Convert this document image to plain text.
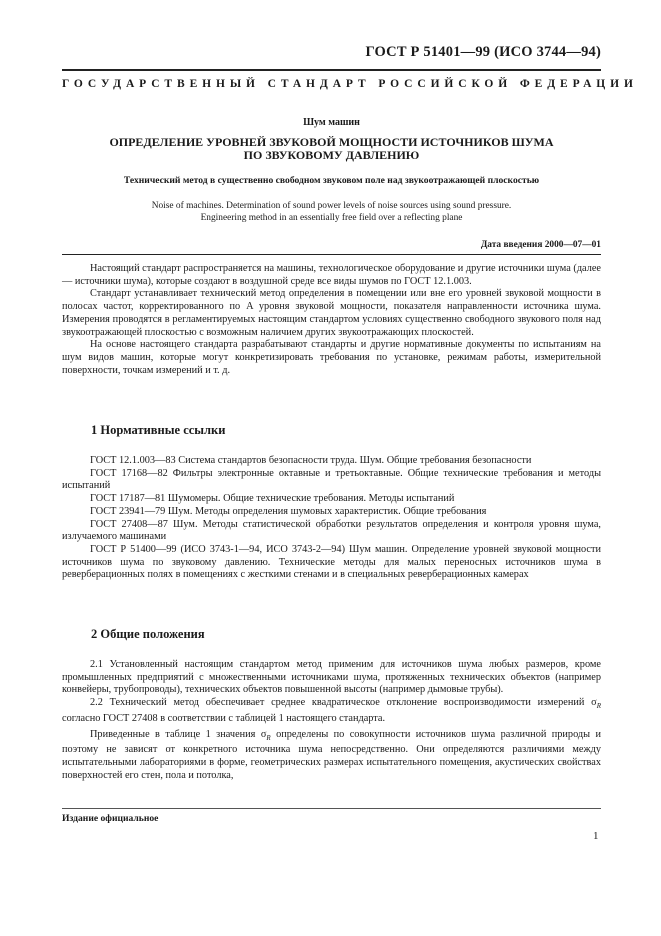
ГОСТ Р 51401—99 (ИСО 3744—94)
ГОСУДАРСТВЕННЫЙ СТАНДАРТ РОССИЙСКОЙ ФЕДЕРАЦИИ
Шум машин
ОПРЕДЕЛЕНИЕ УРОВНЕЙ ЗВУКОВОЙ МОЩНОСТИ ИСТОЧНИКОВ ШУМА
ПО ЗВУКОВОМУ ДАВЛЕНИЮ
Технический метод в существенно свободном звуковом поле над звукоотражающей плоскостью
Noise of machines. Determination of sound power levels of noise sources using sound pressure.
Engineering method in an essentially free field over a reflecting plane
Дата введения 2000—07—01

Настоящий стандарт распространяется на машины, технологическое оборудование и другие источники шума (далее — источники шума), которые создают в воздушной среде все виды шумов по ГОСТ 12.1.003.

Стандарт устанавливает технический метод определения в помещении или вне его уровней звуковой мощности в полосах частот, корректированного по A уровня звуковой мощности, показателя направленности источника шума. Измерения проводятся в регламентируемых настоящим стандартом условиях существенно свободного звукового поля над звукоотражающей плоскостью с возможным наличием других звукоотражающих плоскостей.

На основе настоящего стандарта разрабатывают стандарты и другие нормативные документы по испытаниям на шум видов машин, которые могут конкретизировать требования по установке, режимам работы, измерительной поверхности, точкам измерений и т. д.

1 Нормативные ссылки

ГОСТ 12.1.003—83 Система стандартов безопасности труда. Шум. Общие требования безопасности

ГОСТ 17168—82 Фильтры электронные октавные и третьоктавные. Общие технические требования и методы испытаний

ГОСТ 17187—81 Шумомеры. Общие технические требования. Методы испытаний

ГОСТ 23941—79 Шум. Методы определения шумовых характеристик. Общие требования

ГОСТ 27408—87 Шум. Методы статистической обработки результатов определения и контроля уровня шума, излучаемого машинами

ГОСТ Р 51400—99 (ИСО 3743-1—94, ИСО 3743-2—94) Шум машин. Определение уровней звуковой мощности источников шума по звуковому давлению. Технические методы для малых переносных источников шума в реверберационных полях в помещениях с жесткими стенами и в специальных реверберационных камерах

2 Общие положения

2.1 Установленный настоящим стандартом метод применим для источников шума любых размеров, кроме промышленных предприятий с множественными источниками шума, протяженных технических объектов (например конвейеры, трубопроводы), технических объектов повышенной высоты (например дымовые трубы).

2.2 Технический метод обеспечивает среднее квадратическое отклонение воспроизводимости измерений $\sigma_R$ согласно ГОСТ 27408 в соответствии с таблицей 1 настоящего стандарта.

Приведенные в таблице 1 значения $\sigma_R$ определены по совокупности источников шума различной природы и поэтому не зависят от конкретного источника шума непосредственно. Они определяются различиями между испытательными лабораториями в форме, геометрических размерах испытательного помещения, акустических свойствах поверхностей его стен, пола и потолка,

Издание официальное
1
